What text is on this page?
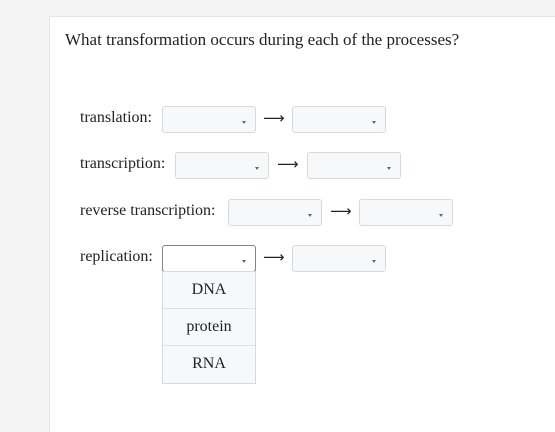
What transformation occurs during each of the processes?
translation:	⟶
transcription:	⟶
reverse transcription:	⟶
replication:	⟶
DNA
protein
RNA
